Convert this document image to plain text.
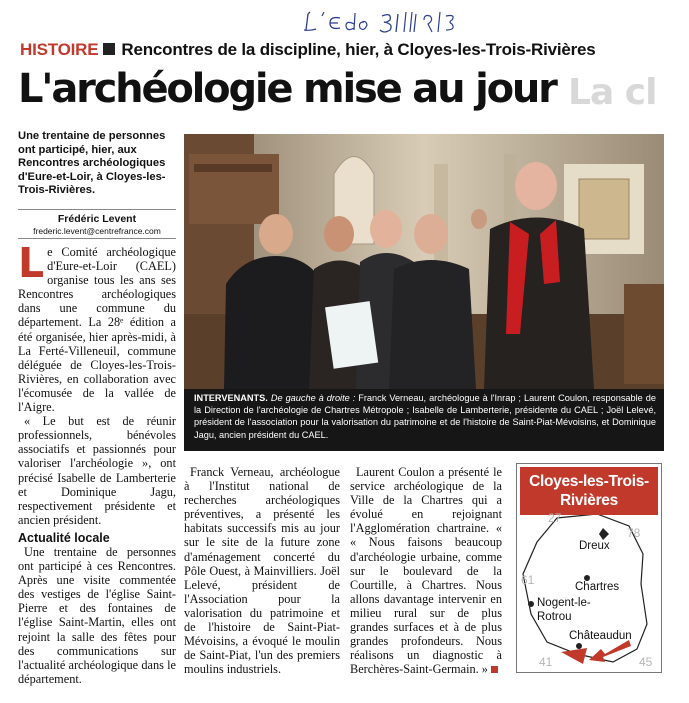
HISTOIRE Rencontres de la discipline, hier, à Cloyes-les-Trois-Rivières
L'archéologie mise au jour La cl
Une trentaine de personnes ont participé, hier, aux Rencontres archéologiques d'Eure-et-Loir, à Cloyes-les-Trois-Rivières.
Frédéric Levent
frederic.levent@centrefrance.com

Le Comité archéologique d'Eure-et-Loir (CAEL) organise tous les ans ses Rencontres archéologiques dans une commune du département. La 28ᵉ édition a été organisée, hier après-midi, à La Ferté-Villeneuil, commune déléguée de Cloyes-les-Trois-Rivières, en collaboration avec l'écomusée de la vallée de l'Aigre.

« Le but est de réunir professionnels, bénévoles associatifs et passionnés pour valoriser l'archéologie », ont précisé Isabelle de Lamberterie et Dominique Jagu, respectivement présidente et ancien président.

Actualité locale

Une trentaine de personnes ont participé à ces Rencontres. Après une visite commentée des vestiges de l'église Saint-Pierre et des fontaines de l'église Saint-Martin, elles ont rejoint la salle des fêtes pour des communications sur l'actualité archéologique dans le département.

INTERVENANTS. De gauche à droite : Franck Verneau, archéologue à l'Inrap ; Laurent Coulon, responsable de la Direction de l'archéologie de Chartres Métropole ; Isabelle de Lamberterie, présidente du CAEL ; Joël Lelevé, président de l'association pour la valorisation du patrimoine et de l'histoire de Saint-Piat-Mévoisins, et Dominique Jagu, ancien président du CAEL.

Franck Verneau, archéologue à l'Institut national de recherches archéologiques préventives, a présenté les habitats successifs mis au jour sur le site de la future zone d'aménagement concerté du Pôle Ouest, à Mainvilliers. Joël Lelevé, président de l'Association pour la valorisation du patrimoine et de l'histoire de Saint-Piat-Mévoisins, a évoqué le moulin de Saint-Piat, l'un des premiers moulins industriels.

Laurent Coulon a présenté le service archéologique de la Ville de la Chartres qui a évolué en rejoignant l'Agglomération chartraine. « « Nous faisons beaucoup d'archéologie urbaine, comme sur le boulevard de la Courtille, à Chartres. Nous allons davantage intervenir en milieu rural sur de plus grandes surfaces et à de plus grandes profondeurs. Nous réalisons un diagnostic à Berchères-Saint-Germain. »

Cloyes-les-Trois-Rivières
27
78
61
41	45
Dreux
Chartres
Nogent-le-Rotrou
Châteaudun
